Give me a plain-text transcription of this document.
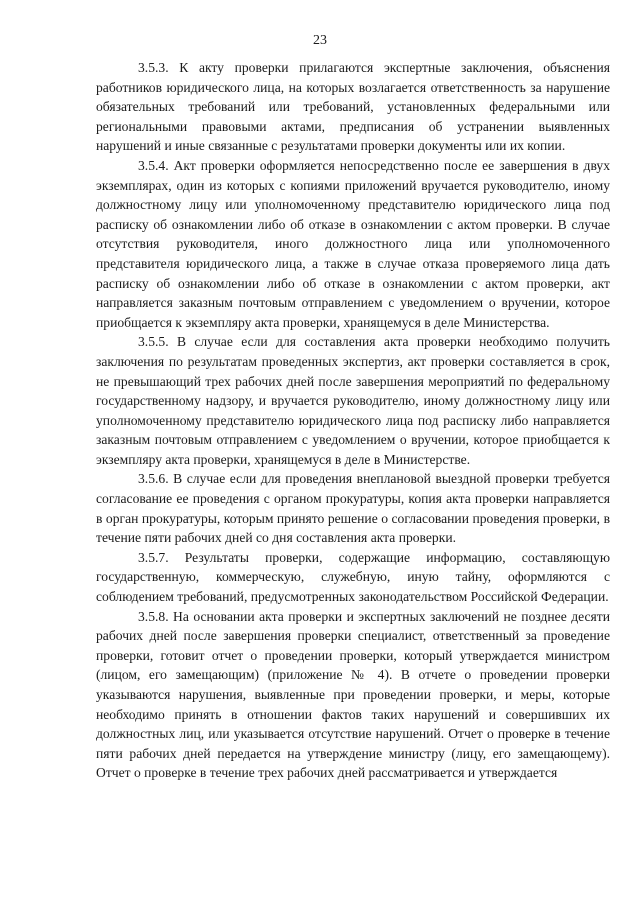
23

3.5.3. К акту проверки прилагаются экспертные заключения, объяснения работников юридического лица, на которых возлагается ответственность за нарушение обязательных требований или требований, установленных федеральными или региональными правовыми актами, предписания об устранении выявленных нарушений и иные связанные с результатами проверки документы или их копии.

3.5.4. Акт проверки оформляется непосредственно после ее завершения в двух экземплярах, один из которых с копиями приложений вручается руководителю, иному должностному лицу или уполномоченному представителю юридического лица под расписку об ознакомлении либо об отказе в ознакомлении с актом проверки. В случае отсутствия руководителя, иного должностного лица или уполномоченного представителя юридического лица, а также в случае отказа проверяемого лица дать расписку об ознакомлении либо об отказе в ознакомлении с актом проверки, акт направляется заказным почтовым отправлением с уведомлением о вручении, которое приобщается к экземпляру акта проверки, хранящемуся в деле Министерства.

3.5.5. В случае если для составления акта проверки необходимо получить заключения по результатам проведенных экспертиз, акт проверки составляется в срок, не превышающий трех рабочих дней после завершения мероприятий по федеральному государственному надзору, и вручается руководителю, иному должностному лицу или уполномоченному представителю юридического лица под расписку либо направляется заказным почтовым отправлением с уведомлением о вручении, которое приобщается к экземпляру акта проверки, хранящемуся в деле в Министерстве.

3.5.6. В случае если для проведения внеплановой выездной проверки требуется согласование ее проведения с органом прокуратуры, копия акта проверки направляется в орган прокуратуры, которым принято решение о согласовании проведения проверки, в течение пяти рабочих дней со дня составления акта проверки.

3.5.7. Результаты проверки, содержащие информацию, составляющую государственную, коммерческую, служебную, иную тайну, оформляются с соблюдением требований, предусмотренных законодательством Российской Федерации.

3.5.8. На основании акта проверки и экспертных заключений не позднее десяти рабочих дней после завершения проверки специалист, ответственный за проведение проверки, готовит отчет о проведении проверки, который утверждается министром (лицом, его замещающим) (приложение № 4). В отчете о проведении проверки указываются нарушения, выявленные при проведении проверки, и меры, которые необходимо принять в отношении фактов таких нарушений и совершивших их должностных лиц, или указывается отсутствие нарушений. Отчет о проверке в течение пяти рабочих дней передается на утверждение министру (лицу, его замещающему). Отчет о проверке в течение трех рабочих дней рассматривается и утверждается
